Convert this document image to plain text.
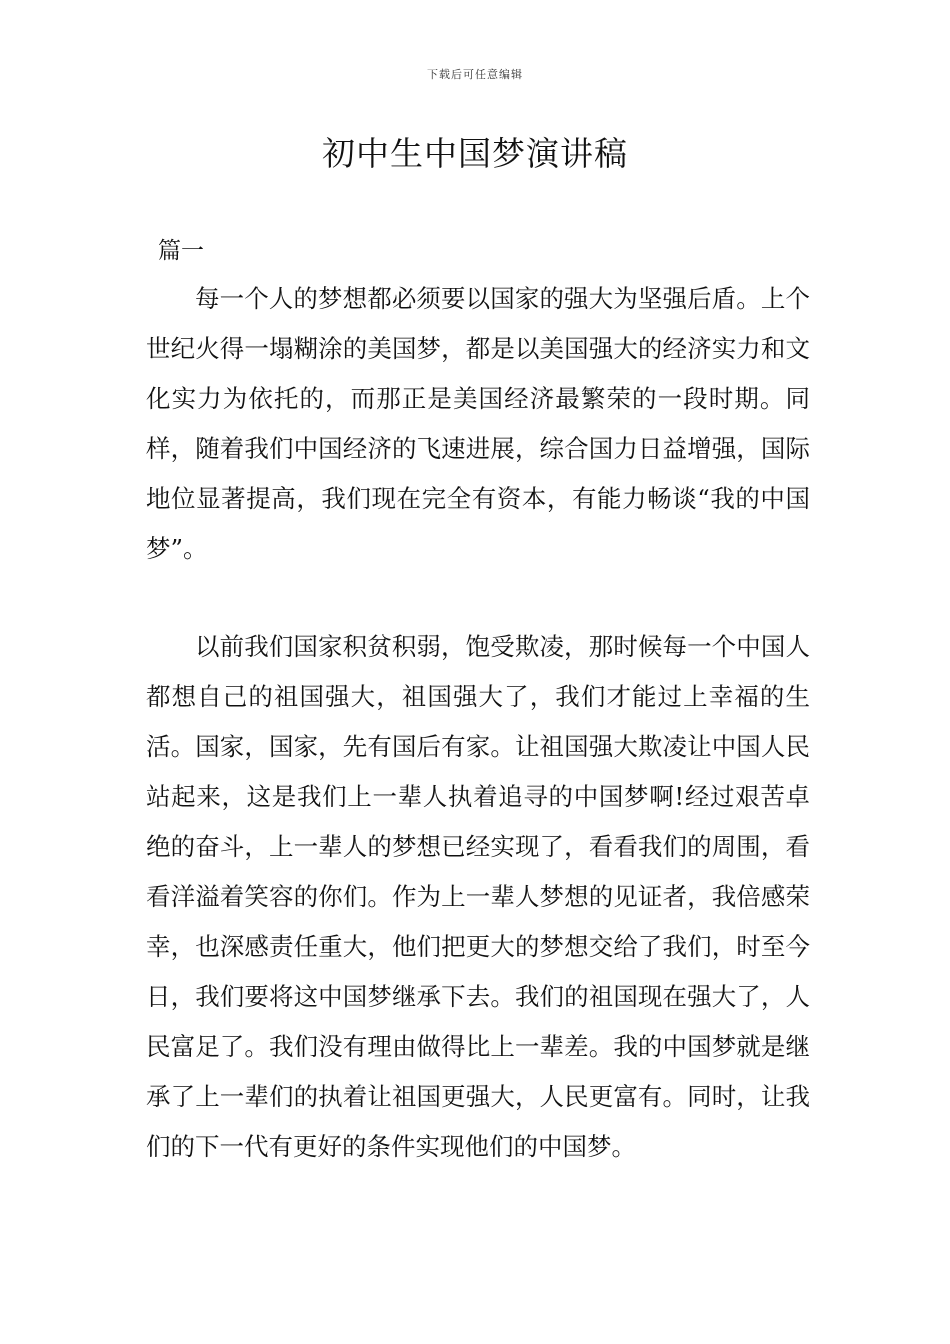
下载后可任意编辑
初中生中国梦演讲稿

篇一

每一个人的梦想都必须要以国家的强大为坚强后盾。上个世纪火得一塌糊涂的美国梦，都是以美国强大的经济实力和文化实力为依托的，而那正是美国经济最繁荣的一段时期。同样，随着我们中国经济的飞速进展，综合国力日益增强，国际地位显著提高，我们现在完全有资本，有能力畅谈“我的中国梦”。

以前我们国家积贫积弱，饱受欺凌，那时候每一个中国人都想自己的祖国强大，祖国强大了，我们才能过上幸福的生活。国家，国家，先有国后有家。让祖国强大欺凌让中国人民站起来，这是我们上一辈人执着追寻的中国梦啊!经过艰苦卓绝的奋斗，上一辈人的梦想已经实现了，看看我们的周围，看看洋溢着笑容的你们。作为上一辈人梦想的见证者，我倍感荣幸，也深感责任重大，他们把更大的梦想交给了我们，时至今日，我们要将这中国梦继承下去。我们的祖国现在强大了，人民富足了。我们没有理由做得比上一辈差。我的中国梦就是继承了上一辈们的执着让祖国更强大，人民更富有。同时，让我们的下一代有更好的条件实现他们的中国梦。
